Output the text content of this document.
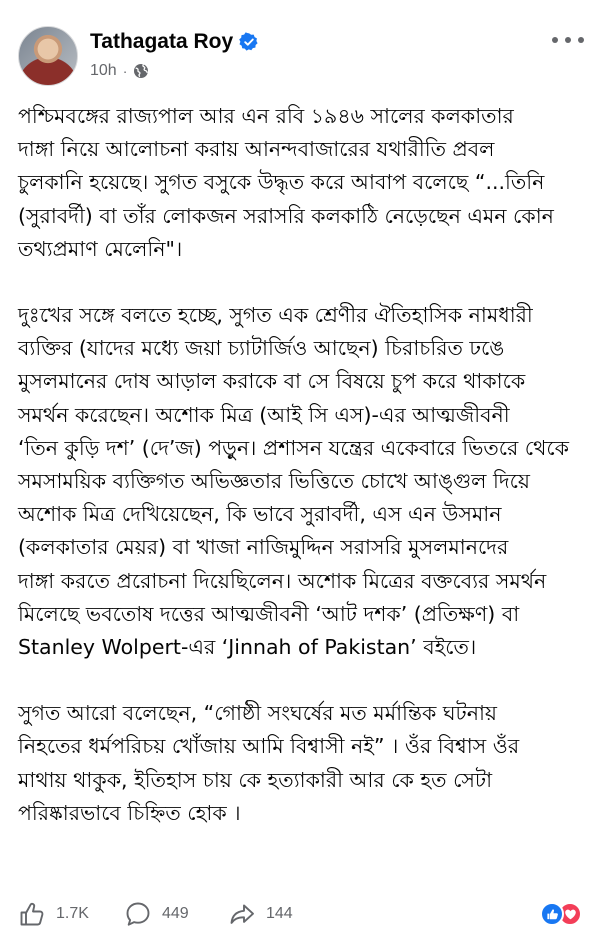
Tathagata Roy
10h ·

পশ্চিমবঙ্গের রাজ্যপাল আর এন রবি ১৯৪৬ সালের কলকাতার
দাঙ্গা নিয়ে আলোচনা করায় আনন্দবাজারের যথারীতি প্রবল
চুলকানি হয়েছে। সুগত বসুকে উদ্ধৃত করে আবাপ বলেছে “...তিনি
(সুরাবর্দী) বা তাঁর লোকজন সরাসরি কলকাঠি নেড়েছেন এমন কোন
তথ্যপ্রমাণ মেলেনি"।

দুঃখের সঙ্গে বলতে হচ্ছে, সুগত এক শ্রেণীর ঐতিহাসিক নামধারী
ব্যক্তির (যাদের মধ্যে জয়া চ্যাটার্জিও আছেন) চিরাচরিত ঢঙে
মুসলমানের দোষ আড়াল করাকে বা সে বিষয়ে চুপ করে থাকাকে
সমর্থন করেছেন। অশোক মিত্র (আই সি এস)-এর আত্মজীবনী
‘তিন কুড়ি দশ’ (দে’জ) পড়ুন। প্রশাসন যন্ত্রের একেবারে ভিতরে থেকে
সমসাময়িক ব্যক্তিগত অভিজ্ঞতার ভিত্তিতে চোখে আঙ্গুল দিয়ে
অশোক মিত্র দেখিয়েছেন, কি ভাবে সুরাবর্দী, এস এন উসমান
(কলকাতার মেয়র) বা খাজা নাজিমুদ্দিন সরাসরি মুসলমানদের
দাঙ্গা করতে প্ররোচনা দিয়েছিলেন। অশোক মিত্রের বক্তব্যের সমর্থন
মিলেছে ভবতোষ দত্তের আত্মজীবনী ‘আট দশক’ (প্রতিক্ষণ) বা
Stanley Wolpert-এর ‘Jinnah of Pakistan’ বইতে।

সুগত আরো বলেছেন, “গোষ্ঠী সংঘর্ষের মত মর্মান্তিক ঘটনায়
নিহতের ধর্মপরিচয় খোঁজায় আমি বিশ্বাসী নই” । ওঁর বিশ্বাস ওঁর
মাথায় থাকুক, ইতিহাস চায় কে হত্যাকারী আর কে হত সেটা
পরিষ্কারভাবে চিহ্নিত হোক ।

1.7K	449	144
